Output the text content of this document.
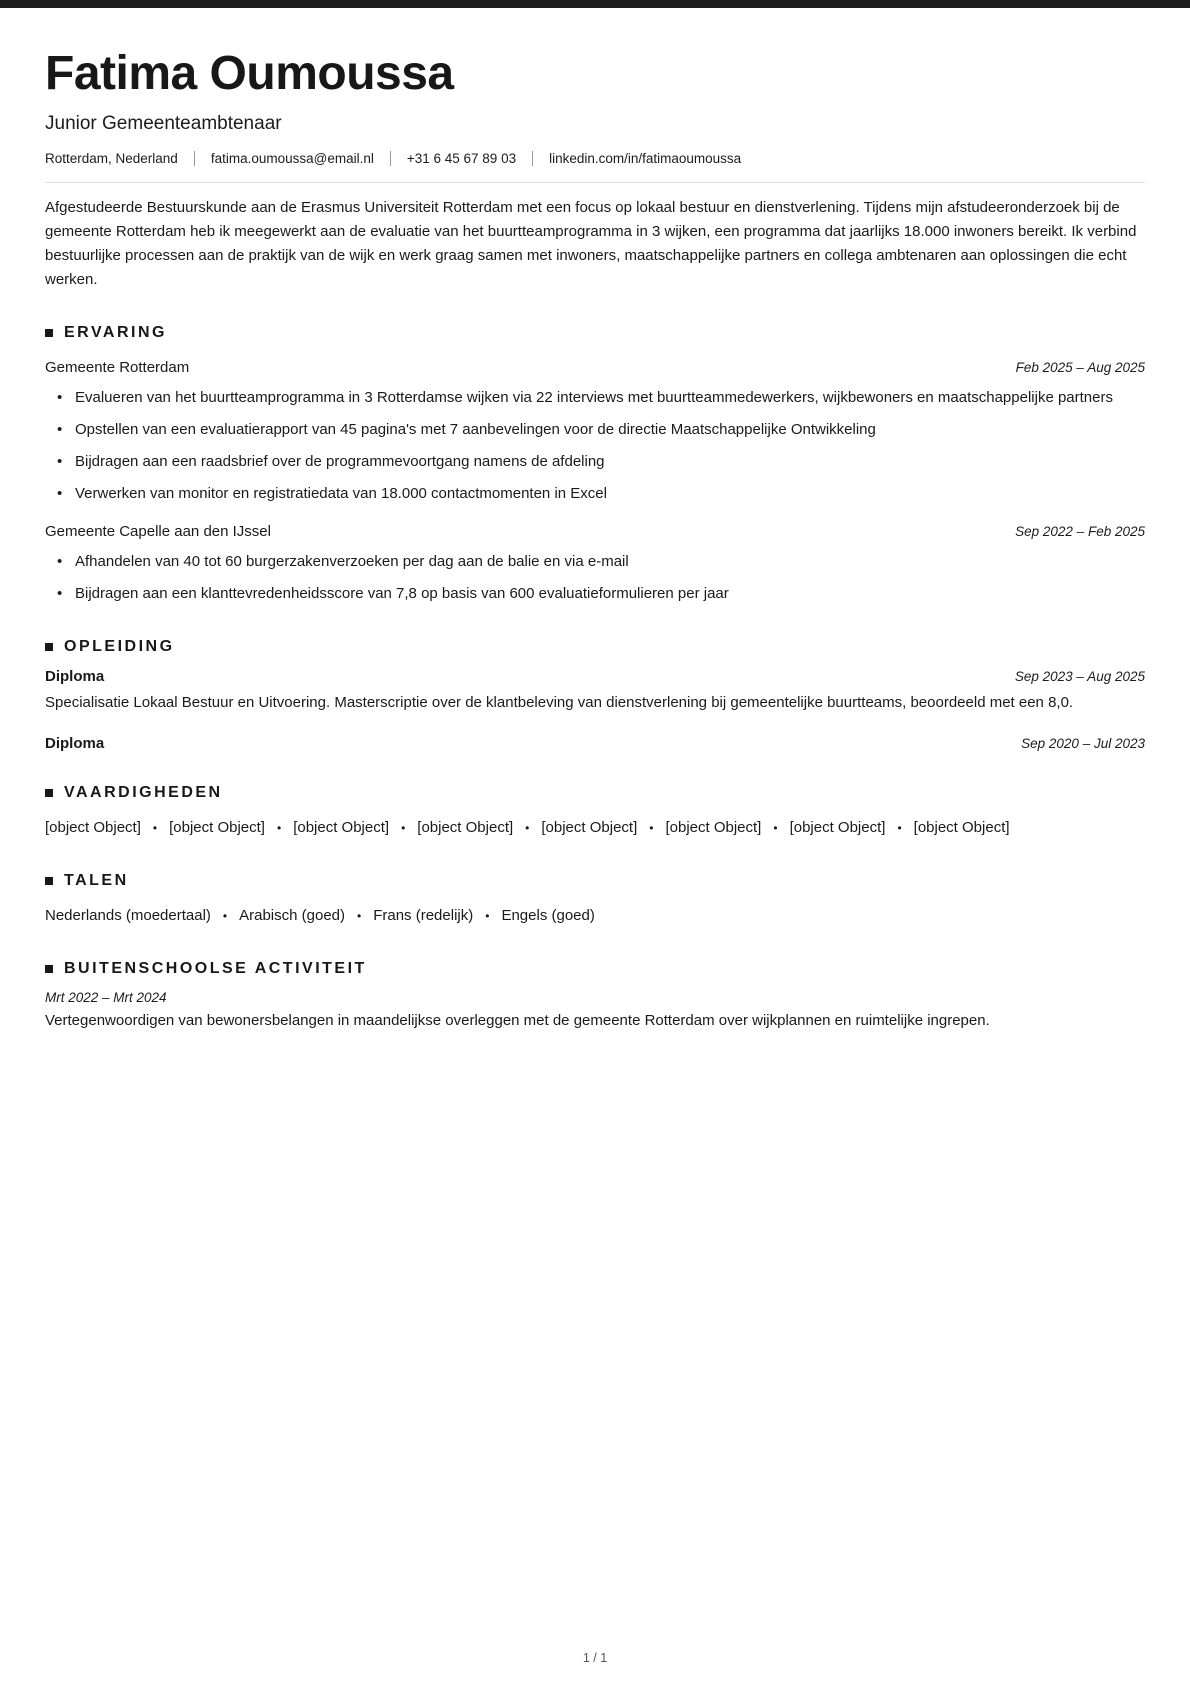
Fatima Oumoussa
Junior Gemeenteambtenaar
Rotterdam, Nederland fatima.oumoussa@email.nl +31 6 45 67 89 03 linkedin.com/in/fatimaoumoussa

Afgestudeerde Bestuurskunde aan de Erasmus Universiteit Rotterdam met een focus op lokaal bestuur en dienstverlening. Tijdens mijn afstudeeronderzoek bij de gemeente Rotterdam heb ik meegewerkt aan de evaluatie van het buurtteamprogramma in 3 wijken, een programma dat jaarlijks 18.000 inwoners bereikt. Ik verbind bestuurlijke processen aan de praktijk van de wijk en werk graag samen met inwoners, maatschappelijke partners en collega ambtenaren aan oplossingen die echt werken.

ERVARING
Gemeente Rotterdam	Feb 2025 – Aug 2025
• Evalueren van het buurtteamprogramma in 3 Rotterdamse wijken via 22 interviews met buurtteammedewerkers, wijkbewoners en maatschappelijke partners
• Opstellen van een evaluatierapport van 45 pagina's met 7 aanbevelingen voor de directie Maatschappelijke Ontwikkeling
• Bijdragen aan een raadsbrief over de programmevoortgang namens de afdeling
• Verwerken van monitor en registratiedata van 18.000 contactmomenten in Excel
Gemeente Capelle aan den IJssel	Sep 2022 – Feb 2025
• Afhandelen van 40 tot 60 burgerzakenverzoeken per dag aan de balie en via e-mail
• Bijdragen aan een klanttevredenheidsscore van 7,8 op basis van 600 evaluatieformulieren per jaar
OPLEIDING
Diploma	Sep 2023 – Aug 2025

Specialisatie Lokaal Bestuur en Uitvoering. Masterscriptie over de klantbeleving van dienstverlening bij gemeentelijke buurtteams, beoordeeld met een 8,0.

Diploma	Sep 2020 – Jul 2023
VAARDIGHEDEN
[object Object] • [object Object] • [object Object] • [object Object] • [object Object] • [object Object] • [object Object] • [object Object]
TALEN
Nederlands (moedertaal) • Arabisch (goed) • Frans (redelijk) • Engels (goed)
BUITENSCHOOLSE ACTIVITEIT
Mrt 2022 – Mrt 2024

Vertegenwoordigen van bewonersbelangen in maandelijkse overleggen met de gemeente Rotterdam over wijkplannen en ruimtelijke ingrepen.

1 / 1
